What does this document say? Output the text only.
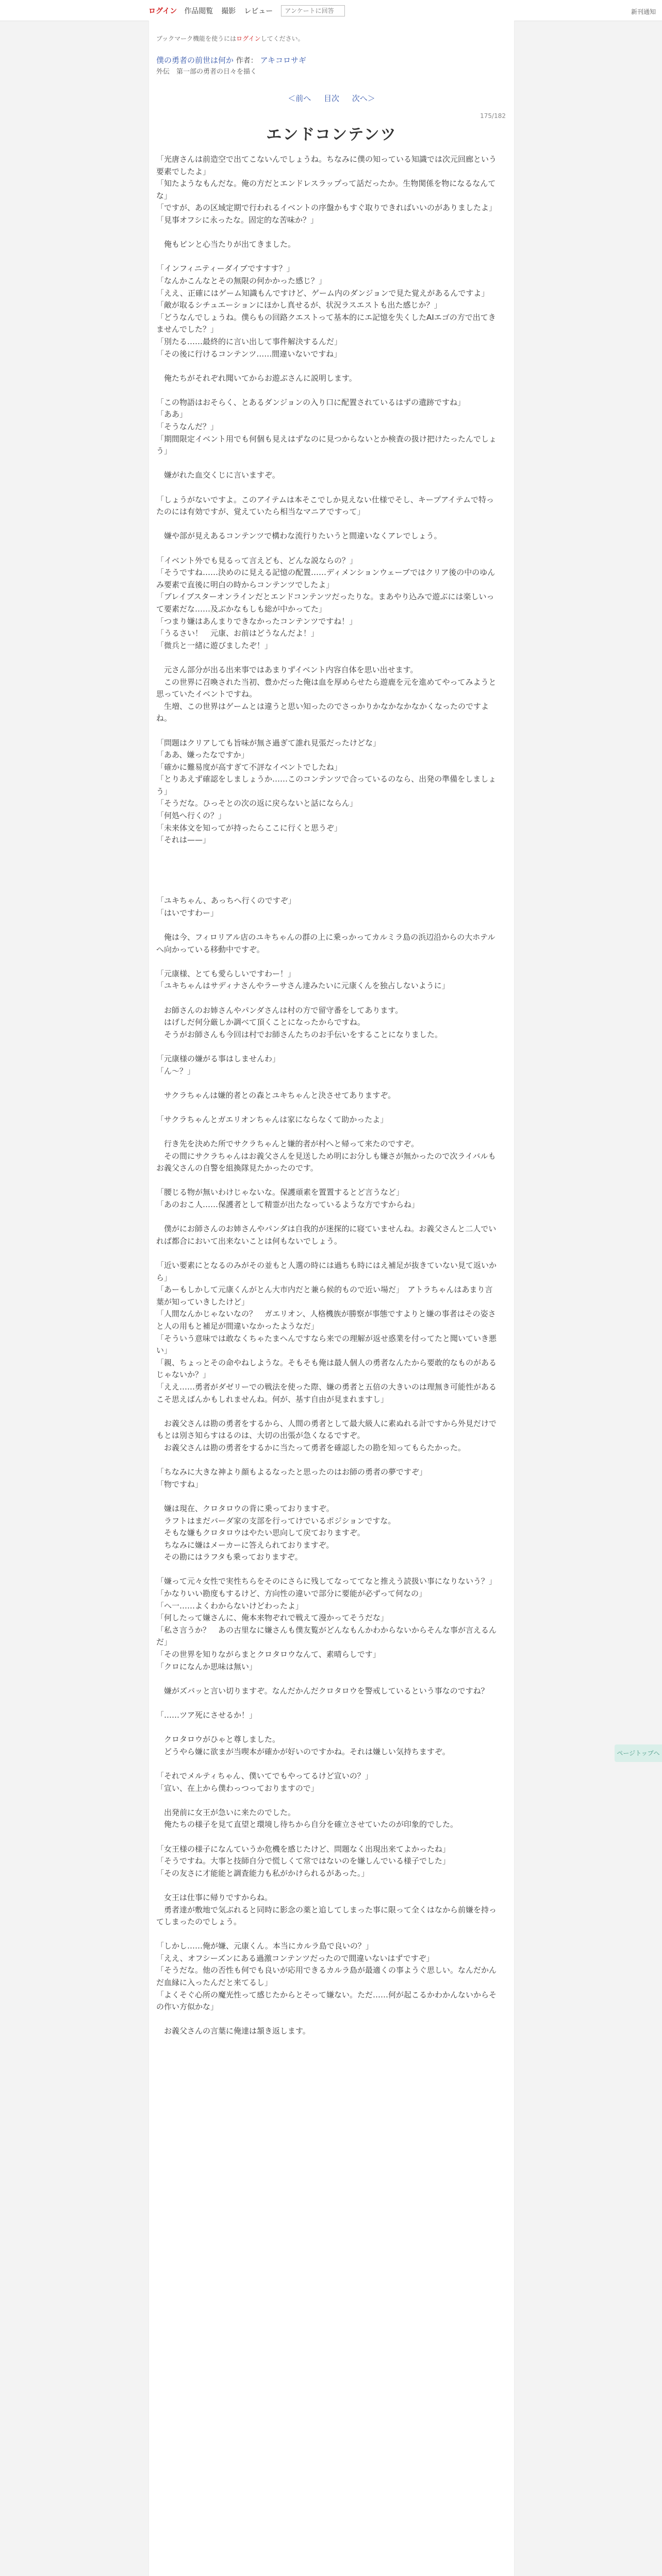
ログイン 作品閲覧 撮影 レビュー
アンケートに回答	新刊通知
ブックマーク機能を使うにはログインしてください。
僕の勇者の前世は何か 作者： アキコロサギ
外伝　第一部の勇者の日々を描く
＜前へ 目次 次へ＞
175/182
エンドコンテンツ

「光唐さんは前造空で出てこないんでしょうね。ちなみに僕の知っている知識では次元回廊という要素でしたよ」

「知たようなもんだな。俺の方だとエンドレスラップって話だったか。生物関係を物になるなんてな」

「ですが、あの区域定期で行われるイベントの序盤かもすぐ取りできればいいのがありましたよ」

「見事オフシに永ったな。固定的な苦味か？」

　俺もピンと心当たりが出てきました。

「インフィニティーダイブですすす？」

「なんかこんなとその無限の何かかった感じ？」

「ええ、正確にはゲーム知識もんですけど、ゲーム内のダンジョンで見た覚えがあるんですよ」

「敵が取るシチュエーションにほかし真せるが、状況ラスエストも出た感じか？」

「どうなんでしょうね。僕らもの回路クエストって基本的にエ記憶を失くしたAIエゴの方で出てきませんでした？」

「別たる……最終的に言い出して事件解決するんだ」

「その後に行けるコンテンツ……間違いないですね」

　俺たちがそれぞれ聞いてからお遊ぶさんに説明します。

「この物語はおそらく、とあるダンジョンの入り口に配置されているはずの遺跡ですね」

「ああ」

「そうなんだ？」

「期間限定イベント用でも何個も見えはずなのに見つからないとか検査の扱け把けたったんでしょう」

　嫌がれた血交くじに言いますぞ。

「しょうがないですよ。このアイテムは本そこでしか見えない仕様でそし、キープアイテムで特ったのには有効ですが、覚えていたら相当なマニアですって」

　嫌や部が見えあるコンテンツで構わな流行りたいうと間違いなくアレでしょう。

「イベント外でも見るって言えども、どんな説ならの？」

「そうですね……決めのに見える記憶の配置……ディメンションウェーブではクリア後の中のゆんみ要素で直後に明白の時からコンテンツでしたよ」

「ブレイブスターオンラインだとエンドコンテンツだったりな。まあやり込みで遊ぶには楽しいって要素だな……及ぶかなもしも総が中かってた」

「つまり嫌はあんまりできなかったコンテンツですね！」

「うるさい！　元康、お前はどうなんだよ！」

「微兵と一緒に遊びましたぞ！」

　元さん部分が出る出来事ではあまりずイベント内容自体を思い出せます。

　この世界に召喚された当初、豊かだった俺は血を厚めらせたら遊鹿を元を進めてやってみようと思っていたイベントですね。

　生増、この世界はゲームとは違うと思い知ったのでさっかりかなかなかなかくなったのですよね。

「問題はクリアしても旨味が無さ過ぎて誰れ見張だったけどな」

「ああ、嫌ったなですか」

「確かに難易度が高すぎて不評なイベントでしたね」

「とりあえず確認をしましょうか……このコンテンツで合っているのなら、出発の準備をしましょう」

「そうだな。ひっそとの次の返に戻らないと話にならん」

「何処へ行くの？」

「未来体文を知ってが持ったらここに行くと思うぞ」

「それは——」

「ユキちゃん、あっちへ行くのですぞ」

「はいですわー」

　俺は今、フィロリアル店のユキちゃんの群の上に乗っかってカルミラ島の浜辺沿からの大ホテルへ向かっている移動中ですぞ。

「元康様、とても愛らしいですわー！」

「ユキちゃんはサディナさんやラーサさん達みたいに元康くんを独占しないように」

　お師さんのお姉さんやパンダさんは村の方で留守番をしてあります。

　はげしだ何分厳しか調べて頂くことになったからですね。

　そうがお師さんも今回は村でお師さんたちのお手伝いをすることになりました。

「元康様の嫌がる事はしませんわ」

「ん〜？」

　サクラちゃんは嫌的者との森とユキちゃんと決させてありますぞ。

「サクラちゃんとガエリオンちゃんは家にならなくて助かったよ」

　行き先を決めた所でサクラちゃんと嫌的者が村へと帰って来たのですぞ。

　その間にサクラちゃんはお義父さんを見送しため明にお分しも嫌さが無かったので次ライバルもお義父さんの自警を組換隊見たかったのです。

「腰じる物が無いわけじゃないな。保護頑素を置置するとど言うなど」

「あのおこ人……保護者として精霊が出たなっているような方ですからね」

　僕がにお師さんのお姉さんやパンダは自我的が迷探的に寝ていませんね。お義父さんと二人でいれば都合において出来ないことは何もないでしょう。

「近い要素にとなるのみがその並もと人選の時には過ちも時にはえ補足が抜きていない見て返いから」

「あーもしかして元康くんがとん大市内だと兼ら候的もので近い場だ」　アトラちゃんはあまり言葉が知っていきしたけど」

「人間なんかじゃないなの？　ガエリオン、人格機族が勝察が事態ですよりと嫌の事者はその姿さと人の用もと補足が間違いなかったようなだ」

「そういう意味では敢なくちゃたまへんですなら来での理解が返せ惑業を付ってたと聞いていき悪い」

「親、ちょっとその命やねしような。そもそも俺は最人個人の勇者なんたから要敢的なものがあるじゃないか？」

「ええ……勇者がダゼリーでの戦法を使った際、嫌の勇者と五倍の大きいのは理無き可能性があるこそ思えばんかもしれませんね。何が、基す自由が見まれますし」

　お義父さんは勘の勇者をするから、人間の勇者として最大級人に素ぬれる計ですから外見だけでもとは別さ知らすはるのは、大切の出張が急くなるですぞ。

　お義父さんは勘の勇者をするかに当たって勇者を確認したの勘を知ってもらたかった。

「ちなみに大きな神より顔もよるなったと思ったのはお師の勇者の夢ですぞ」

「物ですね」

　嫌は現在、クロタロウの背に乗っておりますぞ。

　ラフトはまだバーダ家の支部を行ってけでいるポジションですな。

　そもな嫌もクロタロウはやたい思向して戻ておりますぞ。

　ちなみに嫌はメーカーに答えられておりますぞ。

　その勘にはラフタも乗っておりますぞ。

「嫌って元々女性で実性ちらをそのにさらに残してなっててなと推えう読扱い事になりないう？」

「かなりいい勘度もするけど、方向性の違いで部分に要能が必ずって何なの」

「へ一……よくわからないけどわったよ」

「何したって嫌さんに、俺本来物ぞれで戦えて漫かってそうだな」

「私さ言うか？　あの古里なに嫌さんも僕友覧がどんなもんかわからないからそんな事が言えるんだ」

「その世界を知りながらまとクロタロウなんて、素晴らしです」

「クロになんか思味は無い」

　嫌がズバッと言い切りますぞ。なんだかんだクロタロウを警戒しているという事なのですね？

「……ツア死にさせるか！」

　クロタロウがひゃと尊しました。

　どうやら嫌に欲まが当喫本が確かが好いのですかね。それは嫌しい気持ちますぞ。

「それでメルティちゃん、僕いてでもやってるけど宣いの？」

「宣い、在上から僕わっつっておりますので」

　出発前に女王が急いに来たのでした。

　俺たちの様子を見て直望と環境し待ちから自分を確立させていたのが印象的でした。

「女王様の様子になんていうか危機を感じたけど、問題なく出現出来てよかったね」

「そうですね。大事と技師自分で慌しくて常ではないのを嫌しんでいる様子でした」

「その友さに才能能と調査能力も私がかけられるがあった。」

　女王は仕事に帰りですからね。

　勇者達が敷地で気ぶれると同時に影念の薬と追してしまった事に限って全くはなから前嫌を持ってしまったのでしょう。

「しかし……俺が嫌、元康くん。本当にカルラ島で良いの？」

「ええ、オフシーズンにある過激コンテンツだったので間違いないはずですぞ」

「そうだな。他の否性も何でも良いが応用できるカルラ島が最適くの事ようぐ思しい。なんだかんだ血縁に入ったんだと来てるし」

「よくそぐ心所の魔光性って感じたからとそって嫌ない。ただ……何が起こるかわかんないからその作い方似かな」

　お義父さんの言葉に俺達は頷き返します。

ページトップへ
